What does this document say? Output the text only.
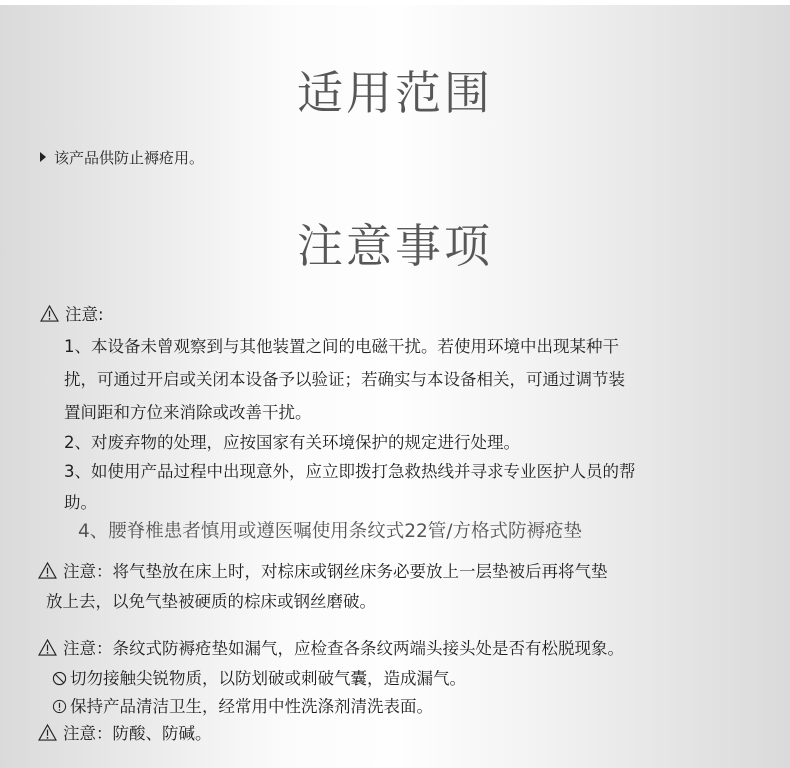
适用范围
该产品供防止褥疮用。
注意事项
注意:
1、本设备未曾观察到与其他装置之间的电磁干扰。若使用环境中出现某种干
扰，可通过开启或关闭本设备予以验证；若确实与本设备相关，可通过调节装
置间距和方位来消除或改善干扰。
2、对废弃物的处理，应按国家有关环境保护的规定进行处理。
3、如使用产品过程中出现意外，应立即拨打急救热线并寻求专业医护人员的帮
助。
4、腰脊椎患者慎用或遵医嘱使用条纹式22管/方格式防褥疮垫
注意：将气垫放在床上时，对棕床或钢丝床务必要放上一层垫被后再将气垫
放上去，以免气垫被硬质的棕床或钢丝磨破。
注意：条纹式防褥疮垫如漏气，应检查各条纹两端头接头处是否有松脱现象。
切勿接触尖锐物质，以防划破或刺破气囊，造成漏气。
保持产品清洁卫生，经常用中性洗涤剂清洗表面。
注意：防酸、防碱。
